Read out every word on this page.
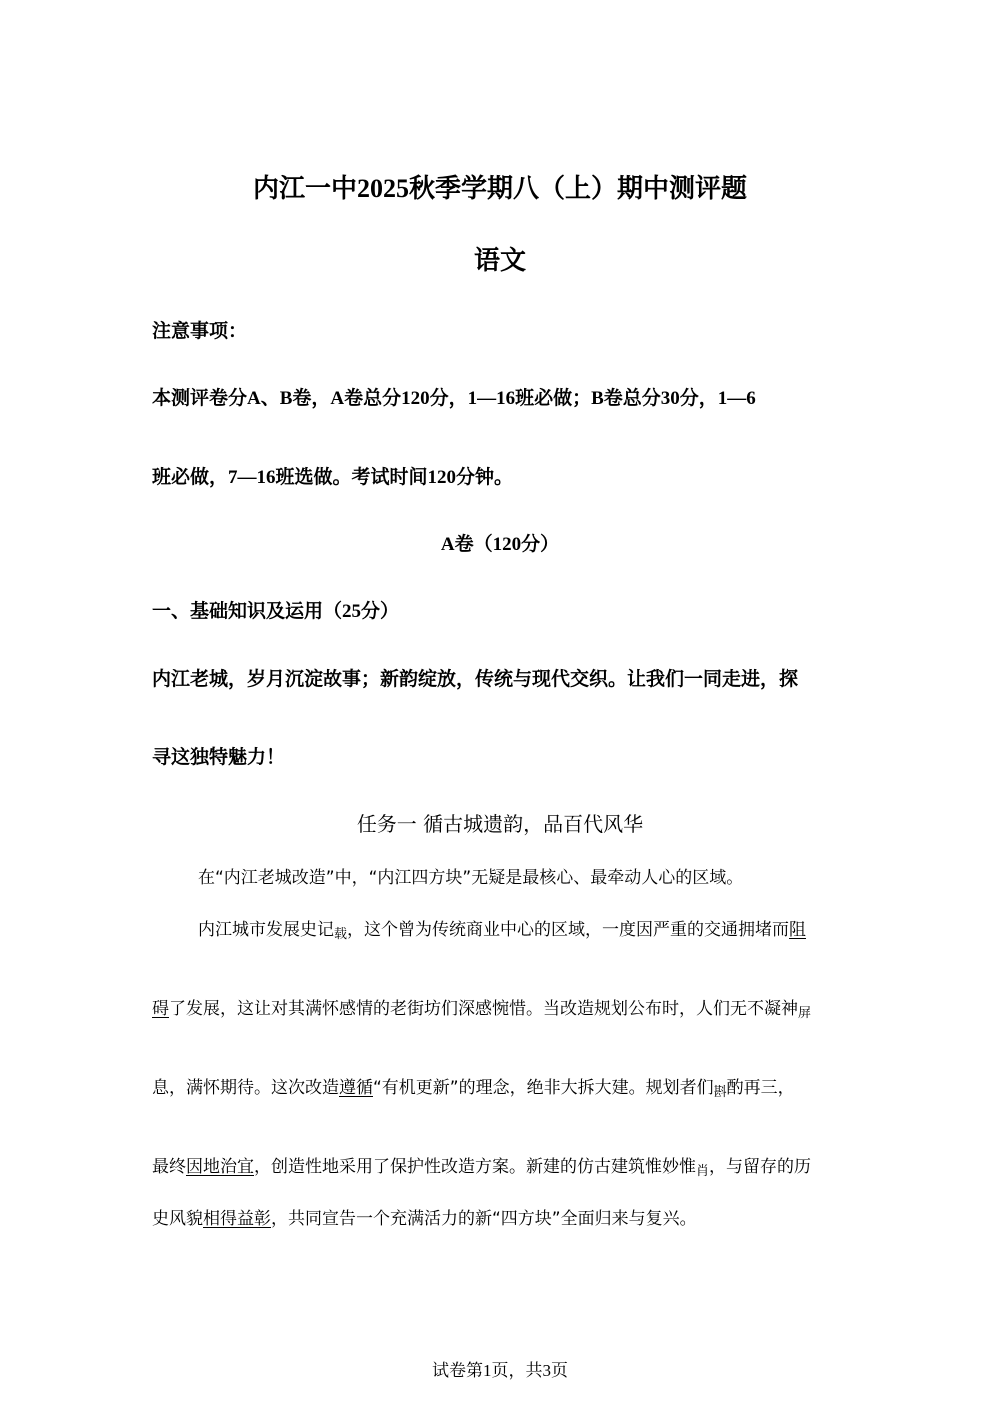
内江一中2025秋季学期八（上）期中测评题
语文
注意事项：
本测评卷分A、B卷，A卷总分120分，1—16班必做；B卷总分30分，1—6
班必做，7—16班选做。考试时间120分钟。
A卷（120分）
一、基础知识及运用（25分）
内江老城，岁月沉淀故事；新韵绽放，传统与现代交织。让我们一同走进，探
寻这独特魅力！
任务一 循古城遗韵，品百代风华
在“内江老城改造”中，“内江四方块”无疑是最核心、最牵动人心的区域。
内江城市发展史记载，这个曾为传统商业中心的区域，一度因严重的交通拥堵而阻
碍了发展，这让对其满怀感情的老街坊们深感惋惜。当改造规划公布时，人们无不凝神屏
息，满怀期待。这次改造遵循“有机更新”的理念，绝非大拆大建。规划者们斟酌再三，
最终因地治宜，创造性地采用了保护性改造方案。新建的仿古建筑惟妙惟肖，与留存的历
史风貌相得益彰，共同宣告一个充满活力的新“四方块”全面归来与复兴。
试卷第1页，共3页
